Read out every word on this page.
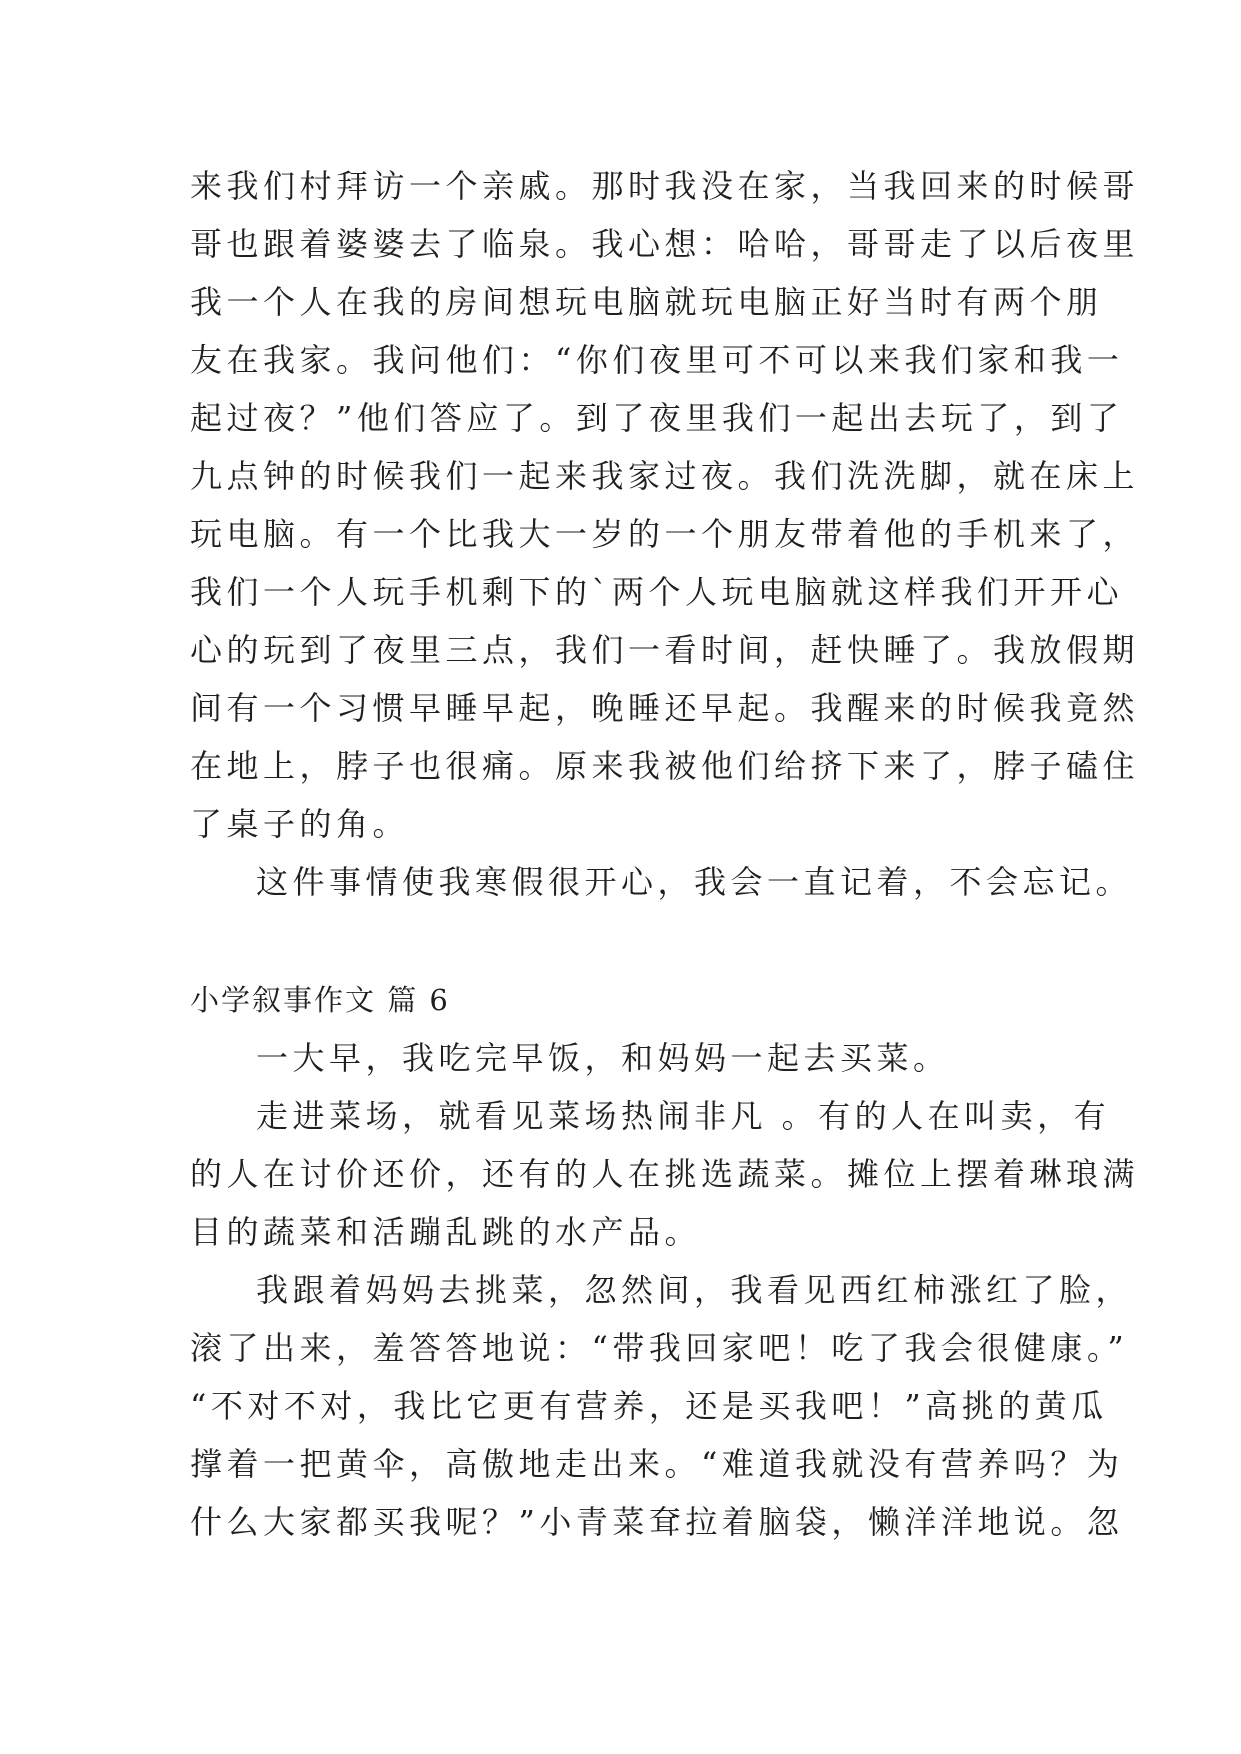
来我们村拜访一个亲戚。那时我没在家，当我回来的时候哥
哥也跟着婆婆去了临泉。我心想：哈哈，哥哥走了以后夜里
我一个人在我的房间想玩电脑就玩电脑正好当时有两个朋
友在我家。我问他们：“你们夜里可不可以来我们家和我一
起过夜？”他们答应了。到了夜里我们一起出去玩了，到了
九点钟的时候我们一起来我家过夜。我们洗洗脚，就在床上
玩电脑。有一个比我大一岁的一个朋友带着他的手机来了，
我们一个人玩手机剩下的`两个人玩电脑就这样我们开开心
心的玩到了夜里三点，我们一看时间，赶快睡了。我放假期
间有一个习惯早睡早起，晚睡还早起。我醒来的时候我竟然
在地上，脖子也很痛。原来我被他们给挤下来了，脖子磕住
了桌子的角。
这件事情使我寒假很开心，我会一直记着，不会忘记。
小学叙事作文 篇 6
一大早，我吃完早饭，和妈妈一起去买菜。
走进菜场，就看见菜场热闹非凡 。有的人在叫卖，有
的人在讨价还价，还有的人在挑选蔬菜。摊位上摆着琳琅满
目的蔬菜和活蹦乱跳的水产品。
我跟着妈妈去挑菜，忽然间，我看见西红柿涨红了脸，
滚了出来，羞答答地说：“带我回家吧！吃了我会很健康。”
“不对不对，我比它更有营养，还是买我吧！”高挑的黄瓜
撑着一把黄伞，高傲地走出来。“难道我就没有营养吗？为
什么大家都买我呢？”小青菜耷拉着脑袋，懒洋洋地说。忽
